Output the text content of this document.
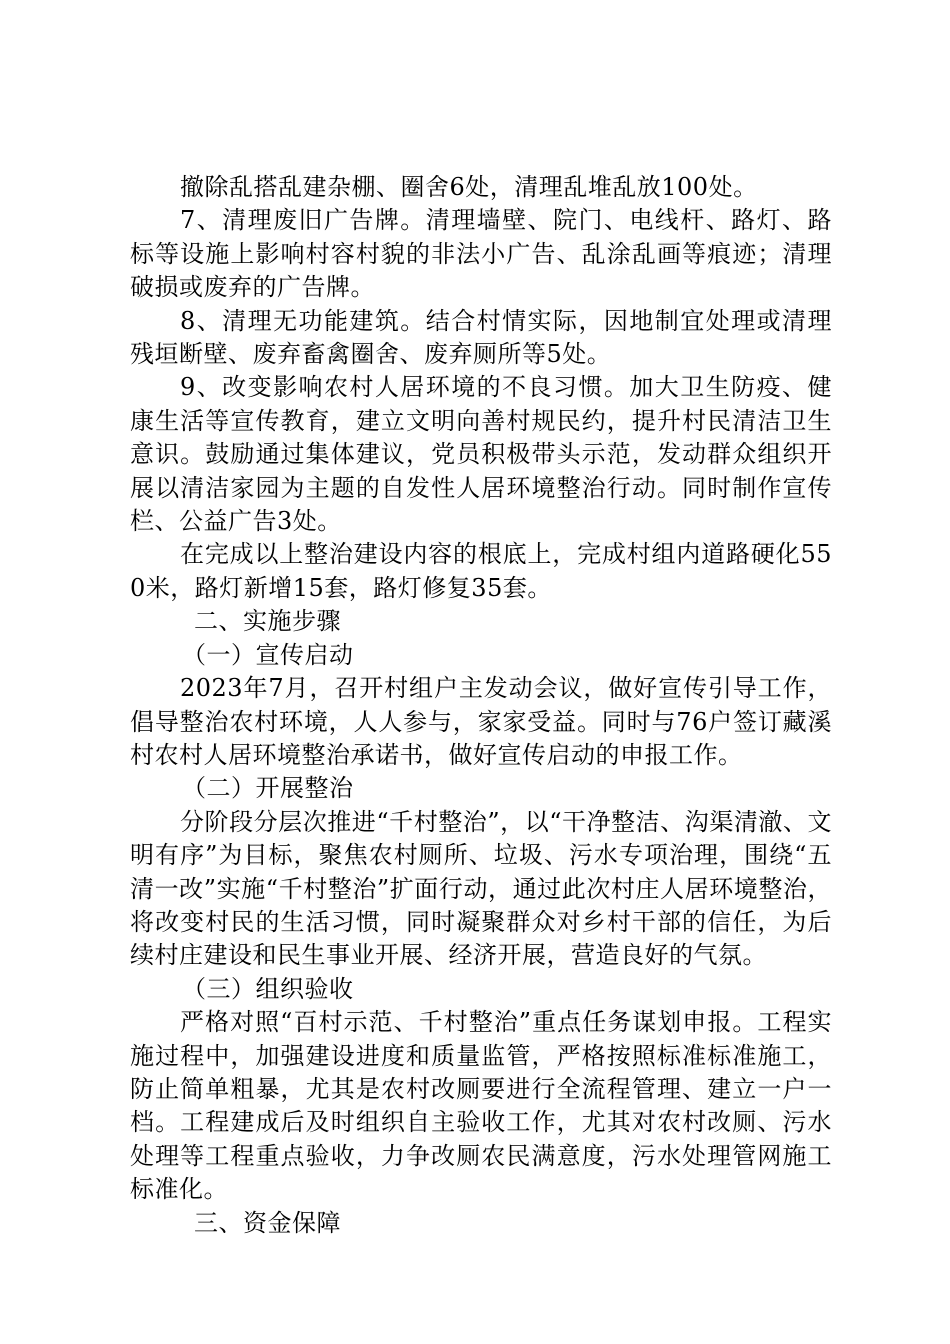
撤除乱搭乱建杂棚、圈舍6处，清理乱堆乱放100处。

7、清理废旧广告牌。清理墙壁、院门、电线杆、路灯、路标等设施上影响村容村貌的非法小广告、乱涂乱画等痕迹；清理破损或废弃的广告牌。

8、清理无功能建筑。结合村情实际，因地制宜处理或清理残垣断壁、废弃畜禽圈舍、废弃厕所等5处。

9、改变影响农村人居环境的不良习惯。加大卫生防疫、健康生活等宣传教育，建立文明向善村规民约，提升村民清洁卫生意识。鼓励通过集体建议，党员积极带头示范，发动群众组织开展以清洁家园为主题的自发性人居环境整治行动。同时制作宣传栏、公益广告3处。

在完成以上整治建设内容的根底上，完成村组内道路硬化550米，路灯新增15套，路灯修复35套。

二、实施步骤

（一）宣传启动

2023年7月，召开村组户主发动会议，做好宣传引导工作，倡导整治农村环境，人人参与，家家受益。同时与76户签订藏溪村农村人居环境整治承诺书，做好宣传启动的申报工作。

（二）开展整治

分阶段分层次推进“千村整治”，以“干净整洁、沟渠清澈、文明有序”为目标，聚焦农村厕所、垃圾、污水专项治理，围绕“五清一改”实施“千村整治”扩面行动，通过此次村庄人居环境整治，将改变村民的生活习惯，同时凝聚群众对乡村干部的信任，为后续村庄建设和民生事业开展、经济开展，营造良好的气氛。

（三）组织验收

严格对照“百村示范、千村整治”重点任务谋划申报。工程实施过程中，加强建设进度和质量监管，严格按照标准标准施工，防止简单粗暴，尤其是农村改厕要进行全流程管理、建立一户一档。工程建成后及时组织自主验收工作，尤其对农村改厕、污水处理等工程重点验收，力争改厕农民满意度，污水处理管网施工标准化。

三、资金保障
